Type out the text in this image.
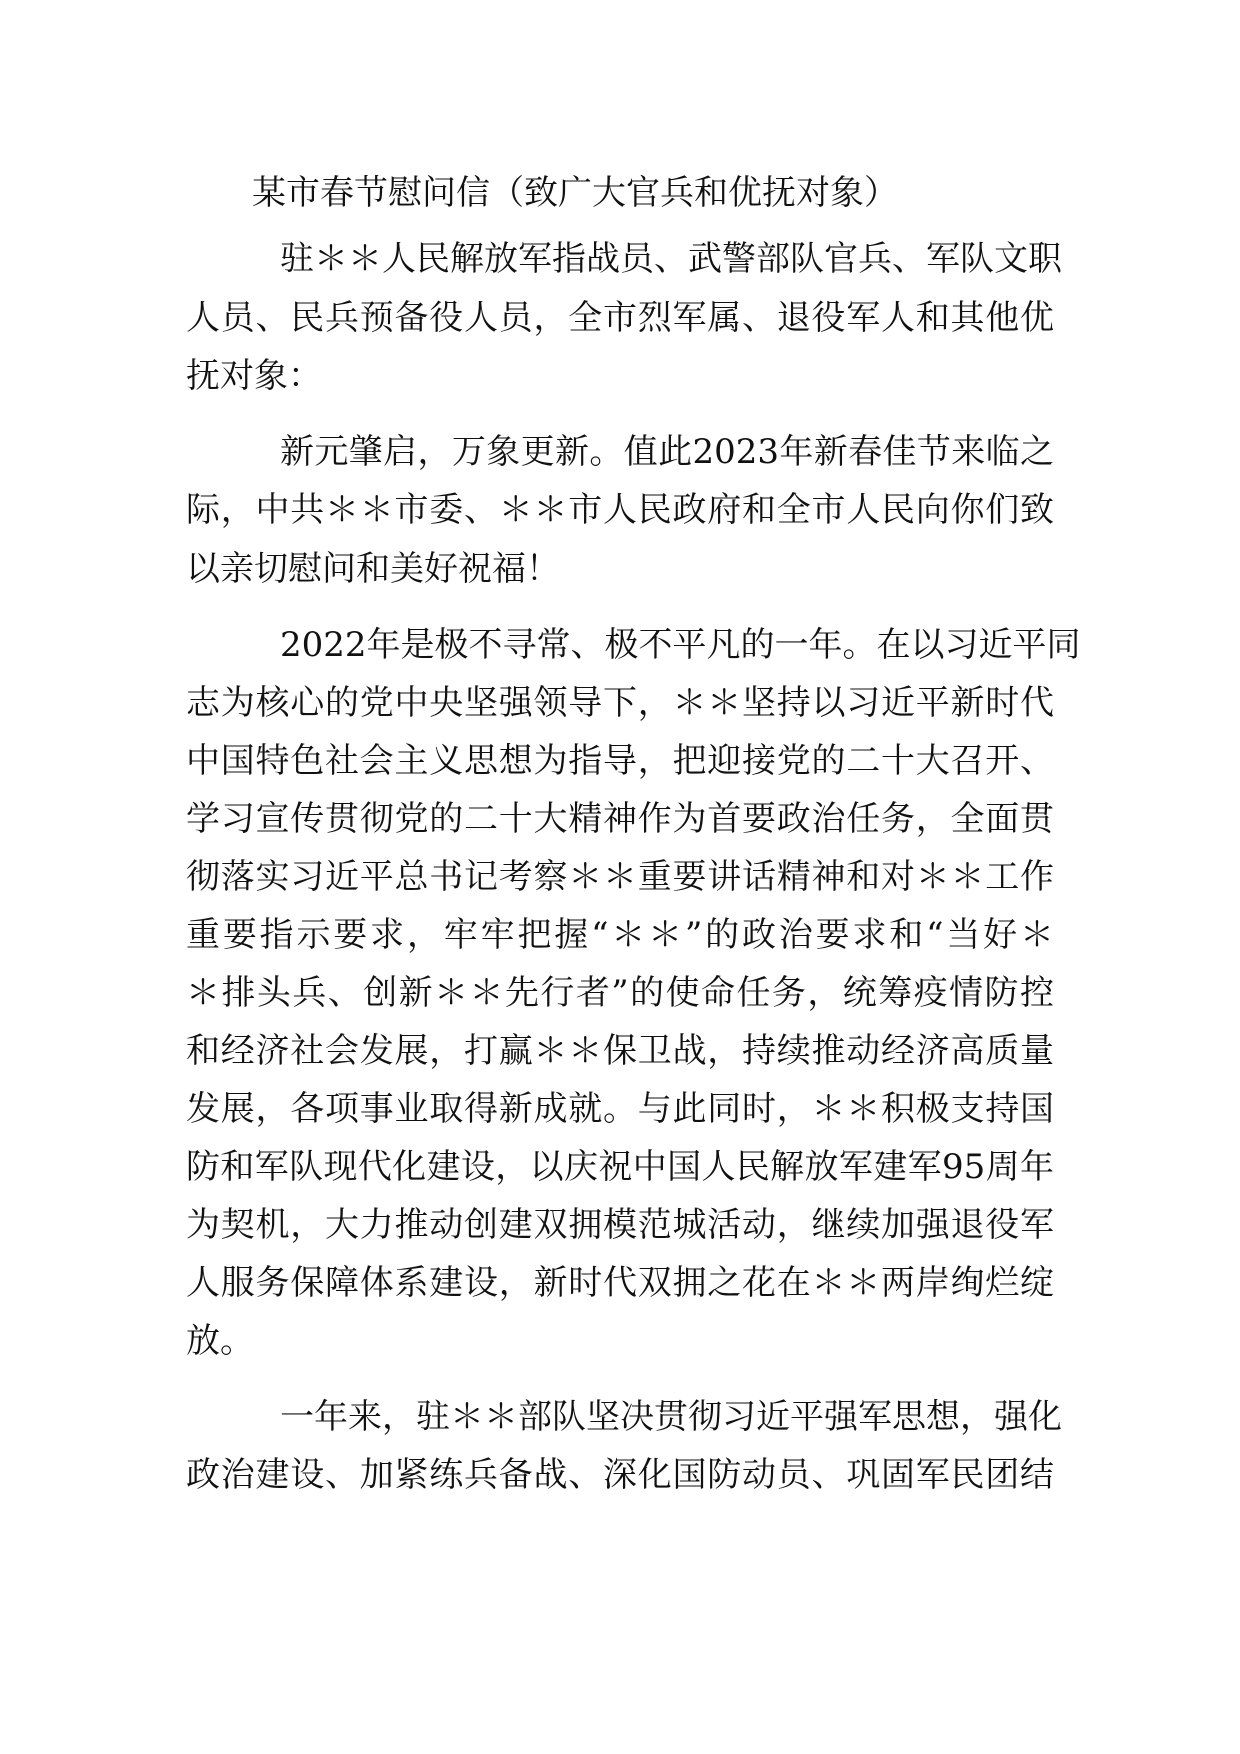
某市春节慰问信（致广大官兵和优抚对象）

驻＊＊人民解放军指战员、武警部队官兵、军队文职

人员、民兵预备役人员，全市烈军属、退役军人和其他优

抚对象：

新元肇启，万象更新。值此2023年新春佳节来临之

际，中共＊＊市委、＊＊市人民政府和全市人民向你们致

以亲切慰问和美好祝福！

2022年是极不寻常、极不平凡的一年。在以习近平同

志为核心的党中央坚强领导下，＊＊坚持以习近平新时代

中国特色社会主义思想为指导，把迎接党的二十大召开、

学习宣传贯彻党的二十大精神作为首要政治任务，全面贯

彻落实习近平总书记考察＊＊重要讲话精神和对＊＊工作

重要指示要求，牢牢把握“＊＊”的政治要求和“当好＊

＊排头兵、创新＊＊先行者”的使命任务，统筹疫情防控

和经济社会发展，打赢＊＊保卫战，持续推动经济高质量

发展，各项事业取得新成就。与此同时，＊＊积极支持国

防和军队现代化建设，以庆祝中国人民解放军建军95周年

为契机，大力推动创建双拥模范城活动，继续加强退役军

人服务保障体系建设，新时代双拥之花在＊＊两岸绚烂绽

放。

一年来，驻＊＊部队坚决贯彻习近平强军思想，强化

政治建设、加紧练兵备战、深化国防动员、巩固军民团结
